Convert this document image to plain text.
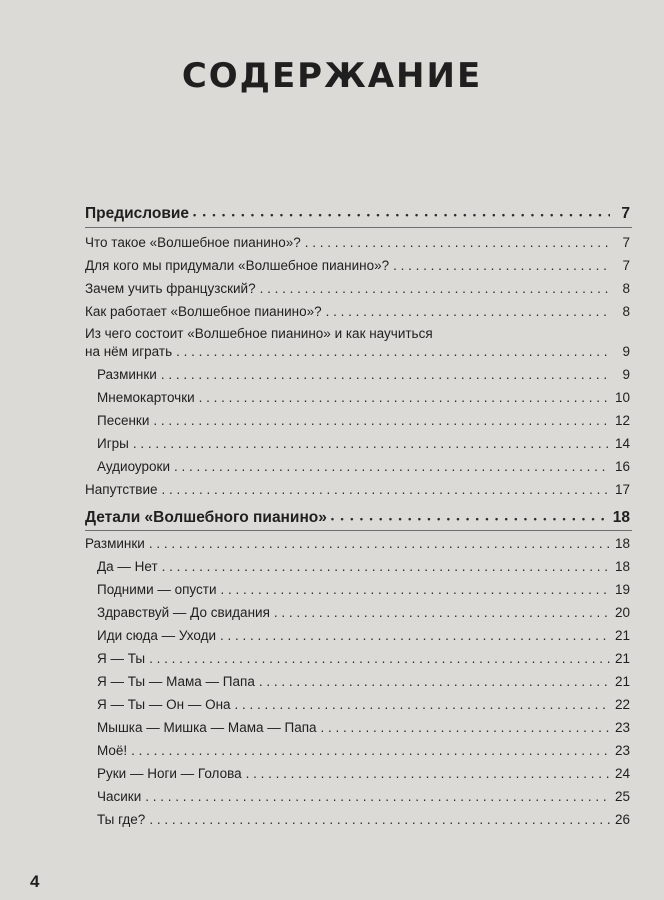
СОДЕРЖАНИЕ
Предисловие • • •	7
Что такое «Волшебное пианино»? . . .	7
Для кого мы придумали «Волшебное пианино»? . . .	7
Зачем учить французский? . . .	8
Как работает «Волшебное пианино»? . . .	8
Из чего состоит «Волшебное пианино» и как научиться
на нём играть . . .	9
Разминки . . .	9
Мнемокарточки . . .	10
Песенки . . .	12
Игры . . .	14
Аудиоуроки . . .	16
Напутствие . . .	17
Детали «Волшебного пианино» • • •	18
Разминки . . .	18
Да — Нет . . .	18
Подними — опусти . . .	19
Здравствуй — До свидания . . .	20
Иди сюда — Уходи . . .	21
Я — Ты . . .	21
Я — Ты — Мама — Папа . . .	21
Я — Ты — Он — Она . . .	22
Мышка — Мишка — Мама — Папа . . .	23
Моё! . . .	23
Руки — Ноги — Голова . . .	24
Часики . . .	25
Ты где? . . .	26
4
